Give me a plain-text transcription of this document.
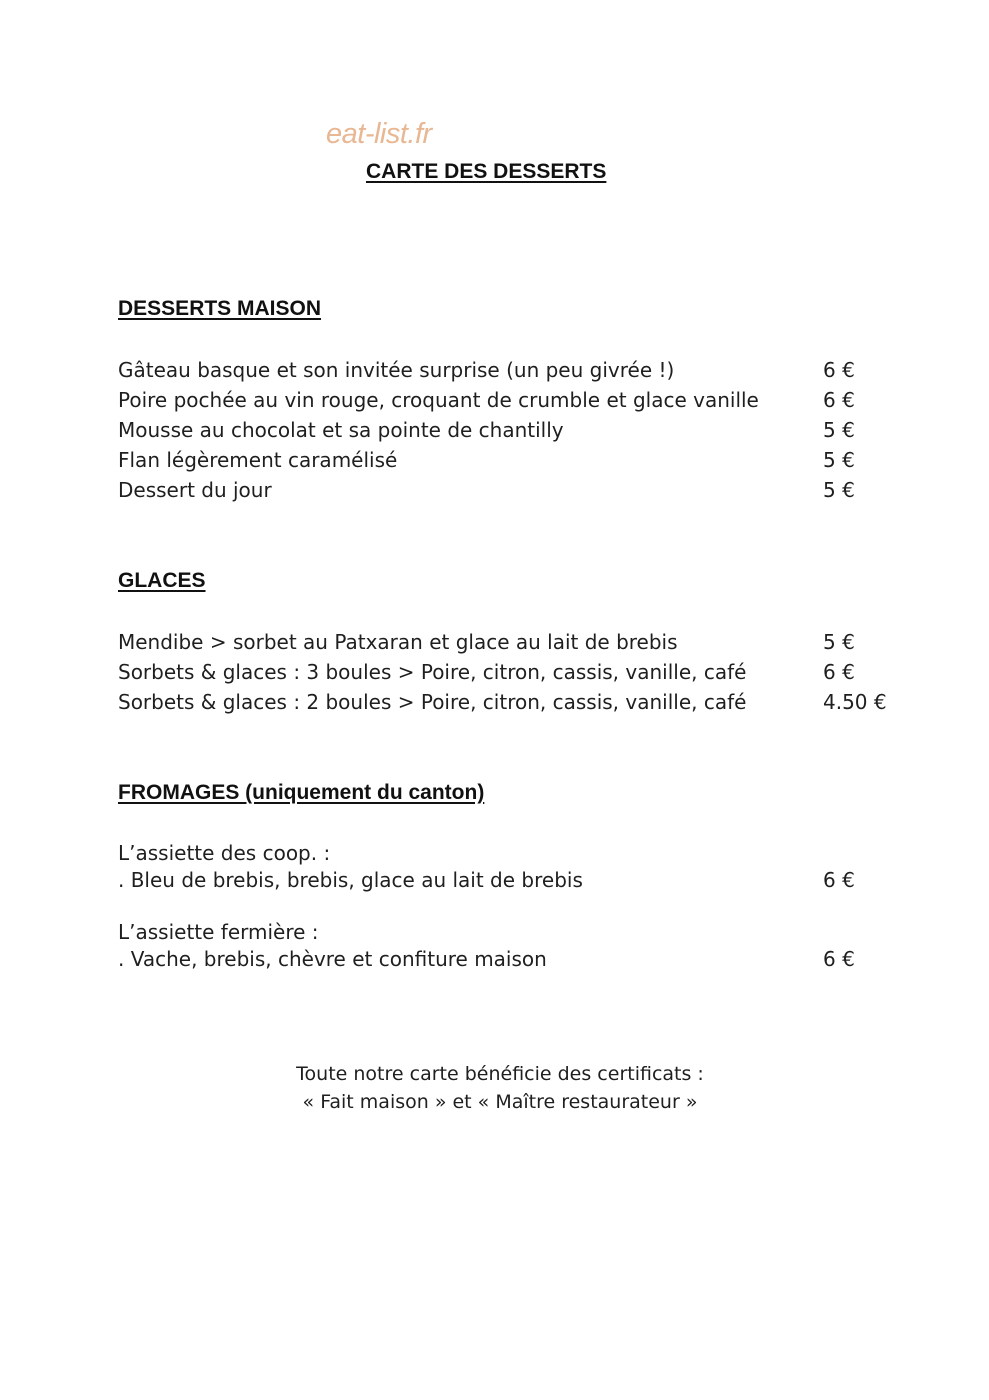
eat-list.fr
CARTE DES DESSERTS
DESSERTS MAISON
Gâteau basque et son invitée surprise (un peu givrée !)	6 €
Poire pochée au vin rouge, croquant de crumble et glace vanille	6 €
Mousse au chocolat et sa pointe de chantilly	5 €
Flan légèrement caramélisé	5 €
Dessert du jour	5 €
GLACES
Mendibe > sorbet au Patxaran et glace au lait de brebis	5 €
Sorbets & glaces : 3 boules > Poire, citron, cassis, vanille, café	6 €
Sorbets & glaces : 2 boules > Poire, citron, cassis, vanille, café	4.50 €
FROMAGES (uniquement du canton)
L’assiette des coop. :
. Bleu de brebis, brebis, glace au lait de brebis	6 €
L’assiette fermière :
. Vache, brebis, chèvre et confiture maison	6 €
Toute notre carte bénéficie des certificats :
« Fait maison » et « Maître restaurateur »
